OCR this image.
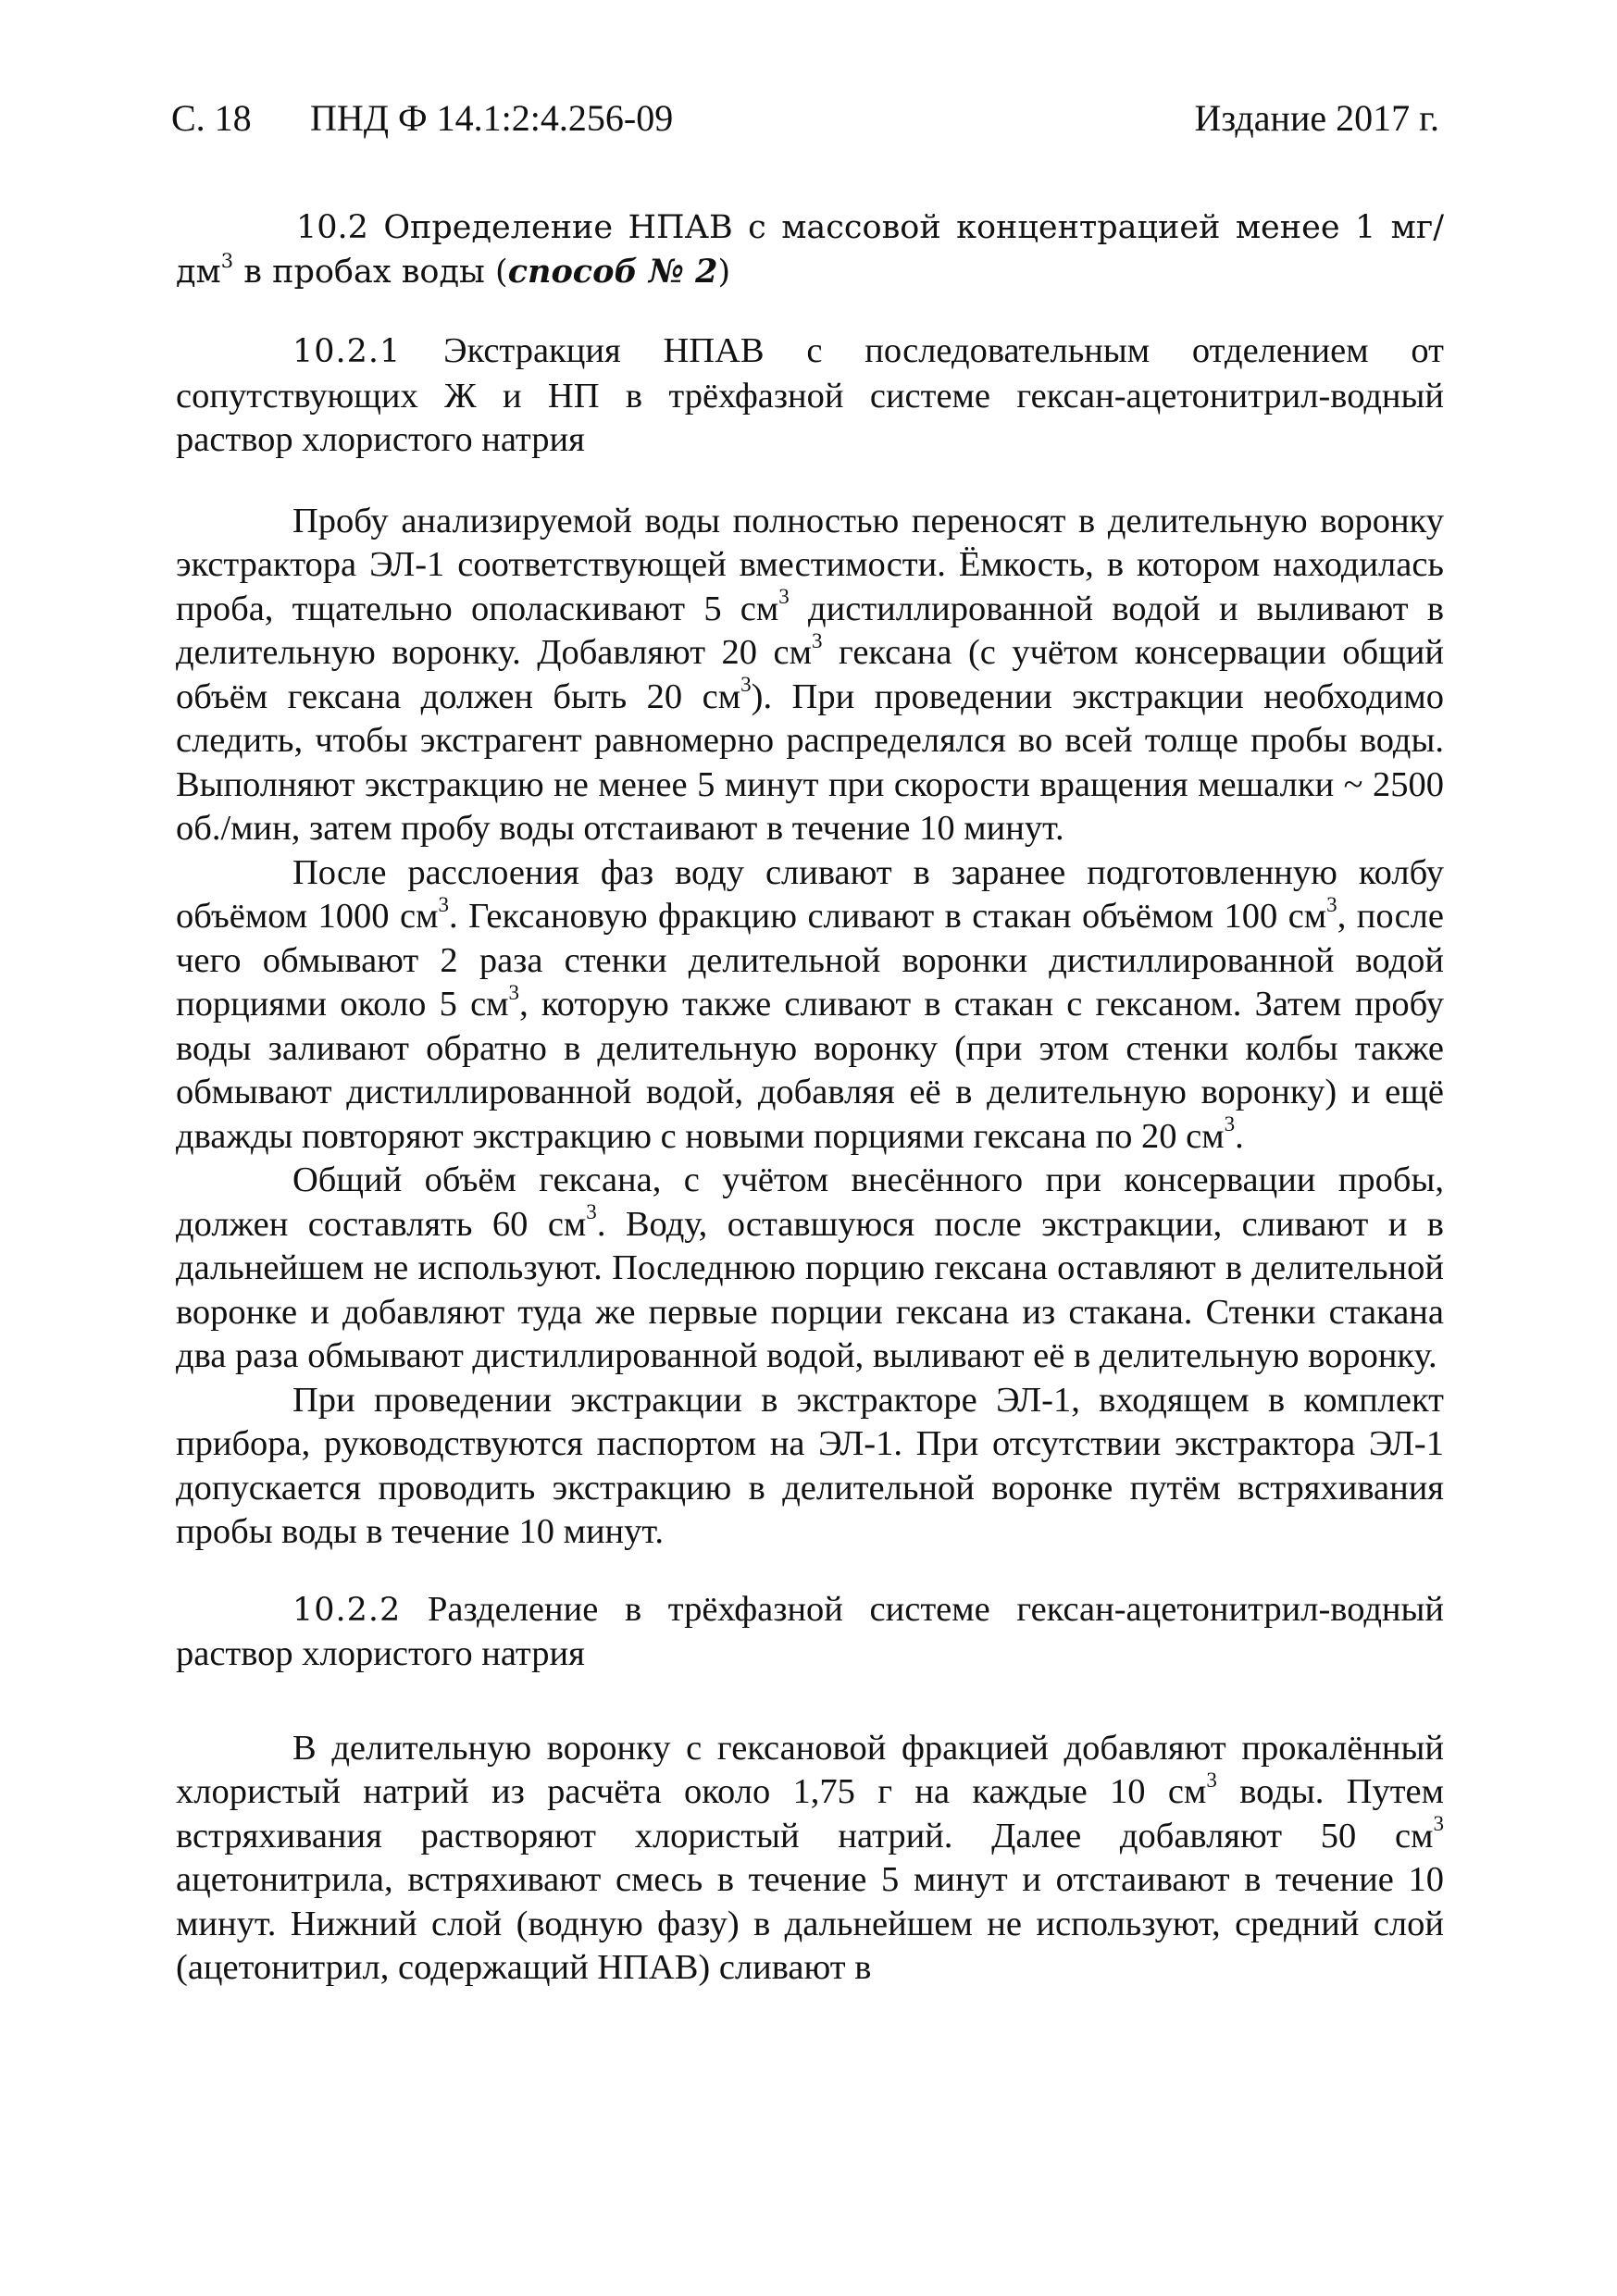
С. 18 ПНД Ф 14.1:2:4.256-09	Издание 2017 г.

10.2 Определение НПАВ с массовой концентрацией менее 1 $мг/дм^3$ в пробах воды (способ № 2)

10.2.1 Экстракция НПАВ с последовательным отделением от сопутствующих Ж и НП в трёхфазной системе гексан-ацетонитрил-водный раствор хлористого натрия

Пробу анализируемой воды полностью переносят в делительную воронку экстрактора ЭЛ-1 соответствующей вместимости. Ёмкость, в котором находилась проба, тщательно ополаскивают 5 $см^3$ дистиллированной водой и выливают в делительную воронку. Добавляют 20 $см^3$ гексана (с учётом консервации общий объём гексана должен быть 20 $см^3$). При проведении экстракции необходимо следить, чтобы экстрагент равномерно распределялся во всей толще пробы воды. Выполняют экстракцию не менее 5 минут при скорости вращения мешалки ~ 2500 об./мин, затем пробу воды отстаивают в течение 10 минут.

После расслоения фаз воду сливают в заранее подготовленную колбу объёмом 1000 $см^3$. Гексановую фракцию сливают в стакан объёмом 100 $см^3$, после чего обмывают 2 раза стенки делительной воронки дистиллированной водой порциями около 5 $см^3$, которую также сливают в стакан с гексаном. Затем пробу воды заливают обратно в делительную воронку (при этом стенки колбы также обмывают дистиллированной водой, добавляя её в делительную воронку) и ещё дважды повторяют экстракцию с новыми порциями гексана по 20 $см^3$.

Общий объём гексана, с учётом внесённого при консервации пробы, должен составлять 60 $см^3$. Воду, оставшуюся после экстракции, сливают и в дальнейшем не используют. Последнюю порцию гексана оставляют в делительной воронке и добавляют туда же первые порции гексана из стакана. Стенки стакана два раза обмывают дистиллированной водой, выливают её в делительную воронку.

При проведении экстракции в экстракторе ЭЛ-1, входящем в комплект прибора, руководствуются паспортом на ЭЛ-1. При отсутствии экстрактора ЭЛ-1 допускается проводить экстракцию в делительной воронке путём встряхивания пробы воды в течение 10 минут.

10.2.2 Разделение в трёхфазной системе гексан-ацетонитрил-водный раствор хлористого натрия

В делительную воронку с гексановой фракцией добавляют прокалённый хлористый натрий из расчёта около 1,75 г на каждые 10 $см^3$ воды. Путем встряхивания растворяют хлористый натрий. Далее добавляют 50 $см^3$ ацетонитрила, встряхивают смесь в течение 5 минут и отстаивают в течение 10 минут. Нижний слой (водную фазу) в дальнейшем не используют, средний слой (ацетонитрил, содержащий НПАВ) сливают в
